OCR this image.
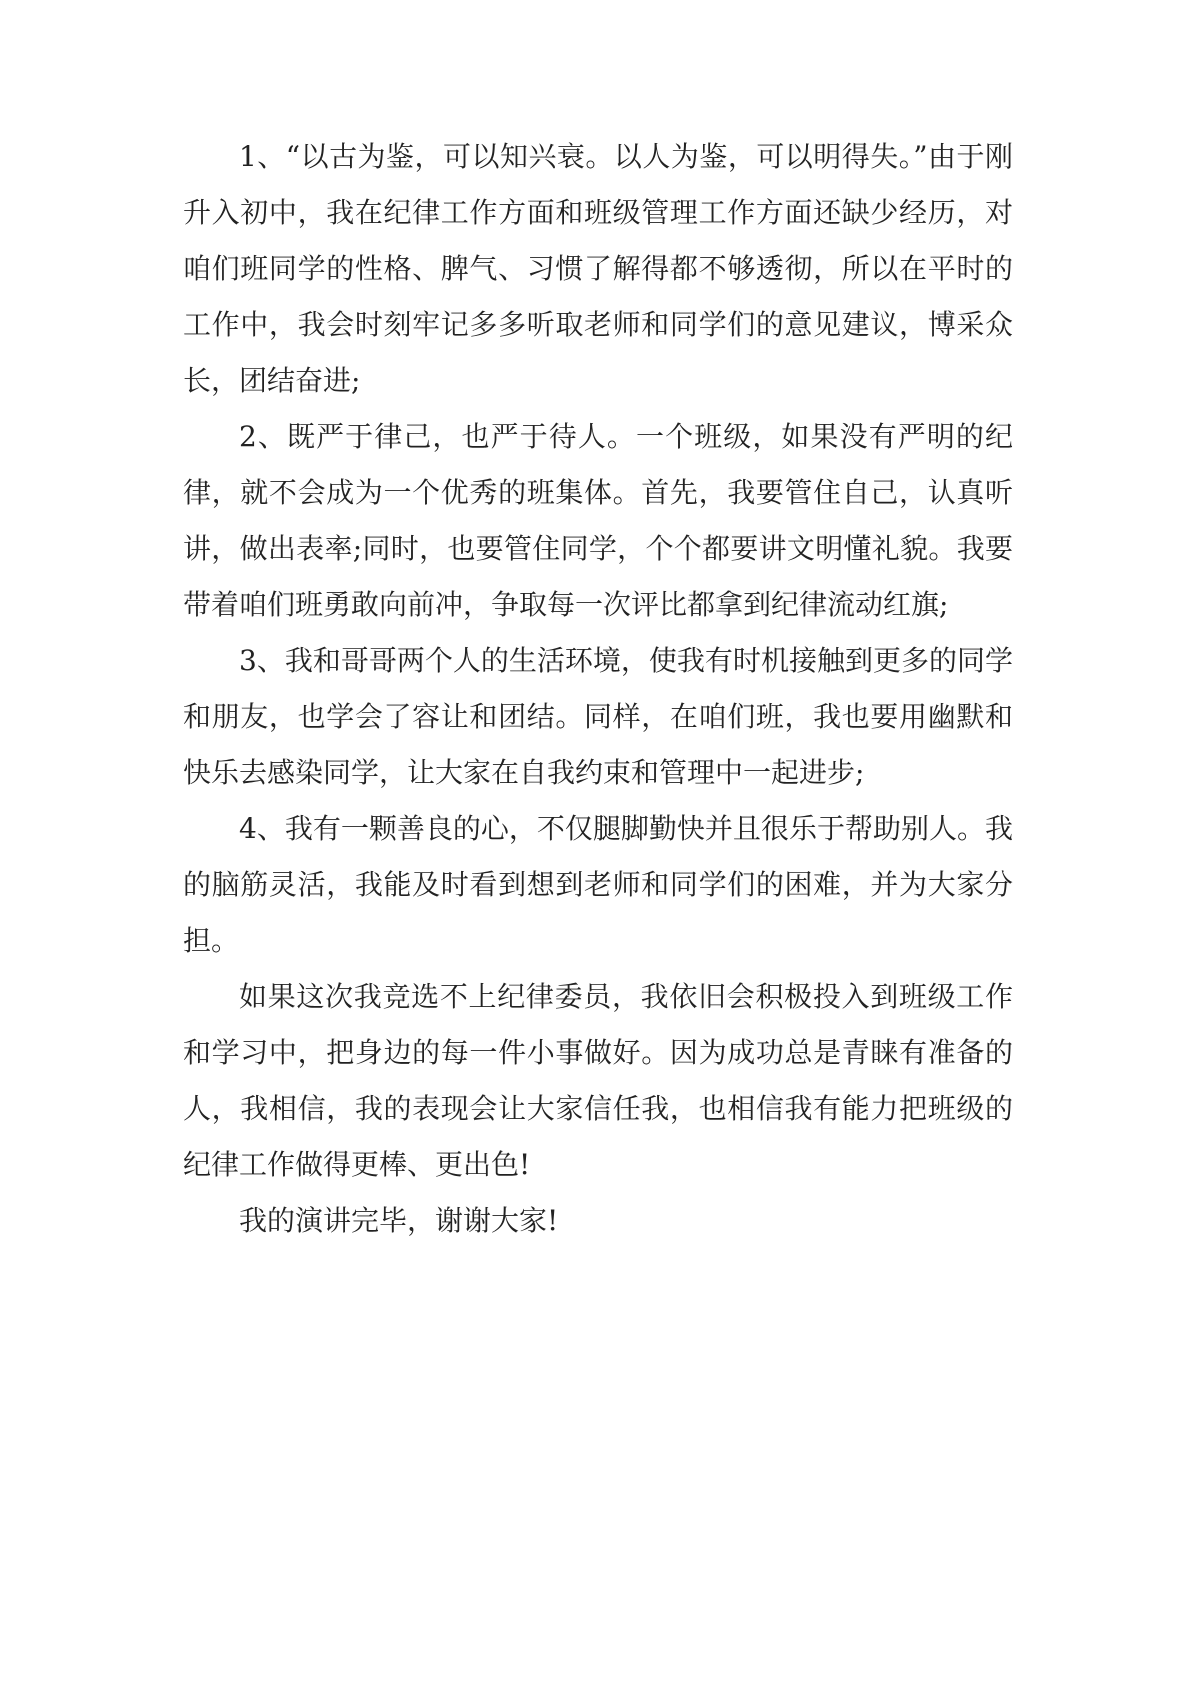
1、“以古为鉴，可以知兴衰。以人为鉴，可以明得失。”由于刚升入初中，我在纪律工作方面和班级管理工作方面还缺少经历，对咱们班同学的性格、脾气、习惯了解得都不够透彻，所以在平时的工作中，我会时刻牢记多多听取老师和同学们的意见建议，博采众长，团结奋进;

2、既严于律己，也严于待人。一个班级，如果没有严明的纪律，就不会成为一个优秀的班集体。首先，我要管住自己，认真听讲，做出表率;同时，也要管住同学，个个都要讲文明懂礼貌。我要带着咱们班勇敢向前冲，争取每一次评比都拿到纪律流动红旗;

3、我和哥哥两个人的生活环境，使我有时机接触到更多的同学和朋友，也学会了容让和团结。同样，在咱们班，我也要用幽默和快乐去感染同学，让大家在自我约束和管理中一起进步;

4、我有一颗善良的心，不仅腿脚勤快并且很乐于帮助别人。我的脑筋灵活，我能及时看到想到老师和同学们的困难，并为大家分担。

如果这次我竞选不上纪律委员，我依旧会积极投入到班级工作和学习中，把身边的每一件小事做好。因为成功总是青睐有准备的人，我相信，我的表现会让大家信任我，也相信我有能力把班级的纪律工作做得更棒、更出色!

我的演讲完毕，谢谢大家!
